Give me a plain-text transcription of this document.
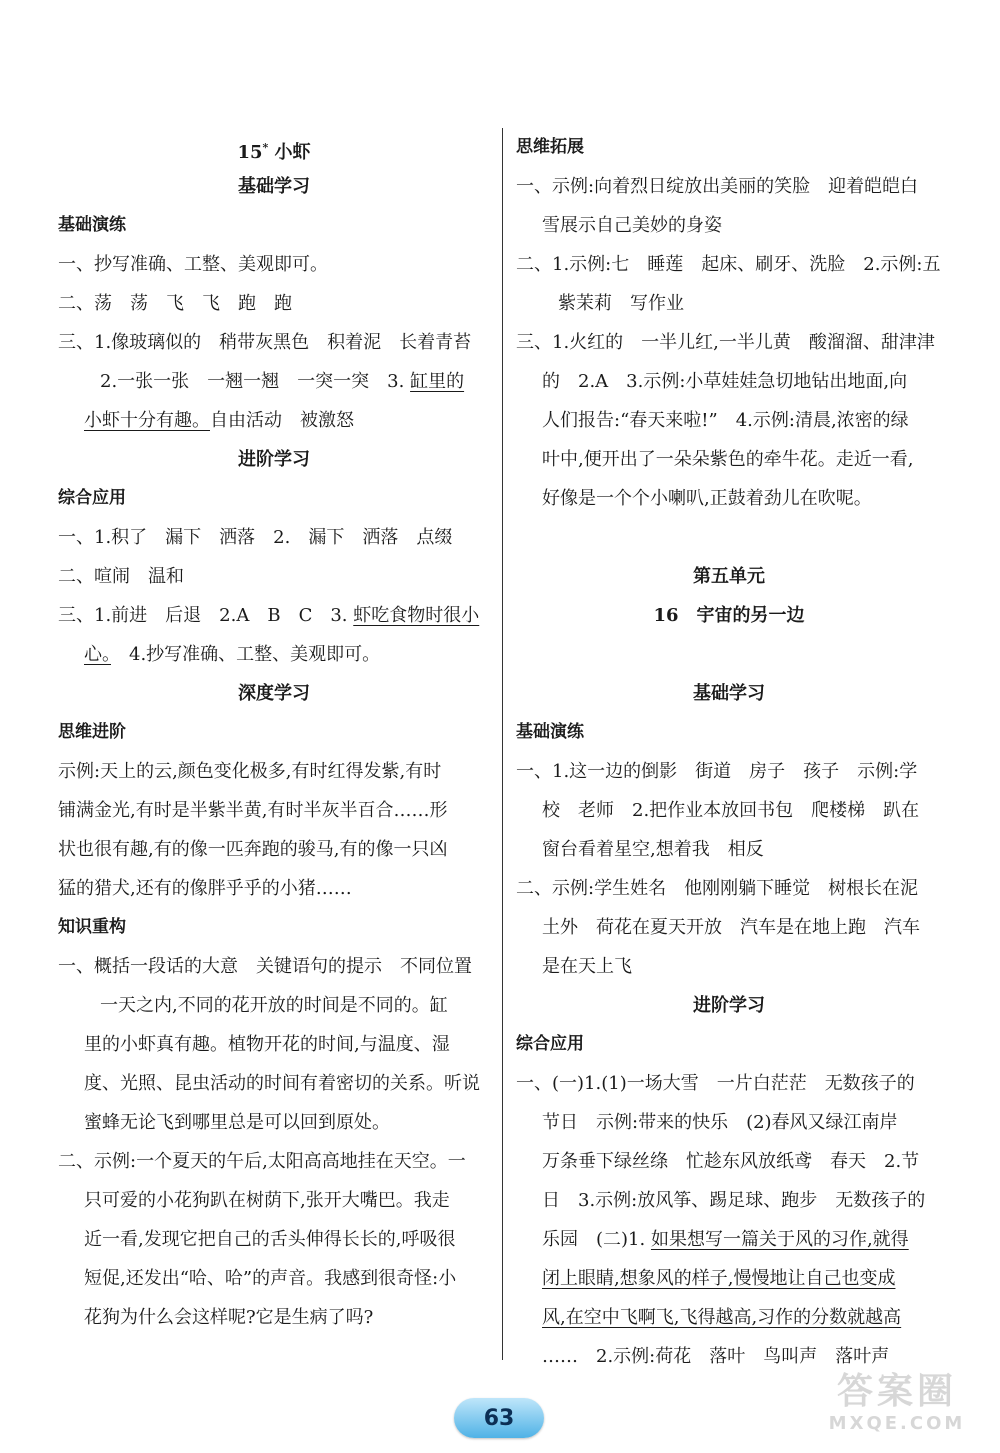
15* 小虾
基础学习
基础演练
一、抄写准确、工整、美观即可。
二、荡　荡　飞　飞　跑　跑
三、1.像玻璃似的　稍带灰黑色　积着泥　长着青苔
2.一张一张　一翘一翘　一突一突　3. 缸里的
小虾十分有趣。自由活动　被激怒
进阶学习
综合应用
一、1.积了　漏下　洒落　2.　漏下　洒落　点缀
二、喧闹　温和
三、1.前进　后退　2.A　B　C　3. 虾吃食物时很小
心。　4.抄写准确、工整、美观即可。
深度学习
思维进阶
示例:天上的云,颜色变化极多,有时红得发紫,有时
铺满金光,有时是半紫半黄,有时半灰半百合……形
状也很有趣,有的像一匹奔跑的骏马,有的像一只凶
猛的猎犬,还有的像胖乎乎的小猪……
知识重构
一、概括一段话的大意　关键语句的提示　不同位置
一天之内,不同的花开放的时间是不同的。缸
里的小虾真有趣。植物开花的时间,与温度、湿
度、光照、昆虫活动的时间有着密切的关系。听说
蜜蜂无论飞到哪里总是可以回到原处。
二、示例:一个夏天的午后,太阳高高地挂在天空。一
只可爱的小花狗趴在树荫下,张开大嘴巴。我走
近一看,发现它把自己的舌头伸得长长的,呼吸很
短促,还发出“哈、哈”的声音。我感到很奇怪:小
花狗为什么会这样呢?它是生病了吗?
思维拓展
一、示例:向着烈日绽放出美丽的笑脸　迎着皑皑白
雪展示自己美妙的身姿
二、1.示例:七　睡莲　起床、刷牙、洗脸　2.示例:五
紫茉莉　写作业
三、1.火红的　一半儿红,一半儿黄　酸溜溜、甜津津
的　2.A　3.示例:小草娃娃急切地钻出地面,向
人们报告:“春天来啦!”　4.示例:清晨,浓密的绿
叶中,便开出了一朵朵紫色的牵牛花。走近一看,
好像是一个个小喇叭,正鼓着劲儿在吹呢。
第五单元
16　宇宙的另一边
基础学习
基础演练
一、1.这一边的倒影　街道　房子　孩子　示例:学
校　老师　2.把作业本放回书包　爬楼梯　趴在
窗台看着星空,想着我　相反
二、示例:学生姓名　他刚刚躺下睡觉　树根长在泥
土外　荷花在夏天开放　汽车是在地上跑　汽车
是在天上飞
进阶学习
综合应用
一、(一)1.(1)一场大雪　一片白茫茫　无数孩子的
节日　示例:带来的快乐　(2)春风又绿江南岸
万条垂下绿丝绦　忙趁东风放纸鸢　春天　2.节
日　3.示例:放风筝、踢足球、跑步　无数孩子的
乐园　(二)1. 如果想写一篇关于风的习作,就得
闭上眼睛,想象风的样子,慢慢地让自己也变成
风,在空中飞啊飞,飞得越高,习作的分数就越高
……　2.示例:荷花　落叶　鸟叫声　落叶声
63
答案圈
MXQE.COM
